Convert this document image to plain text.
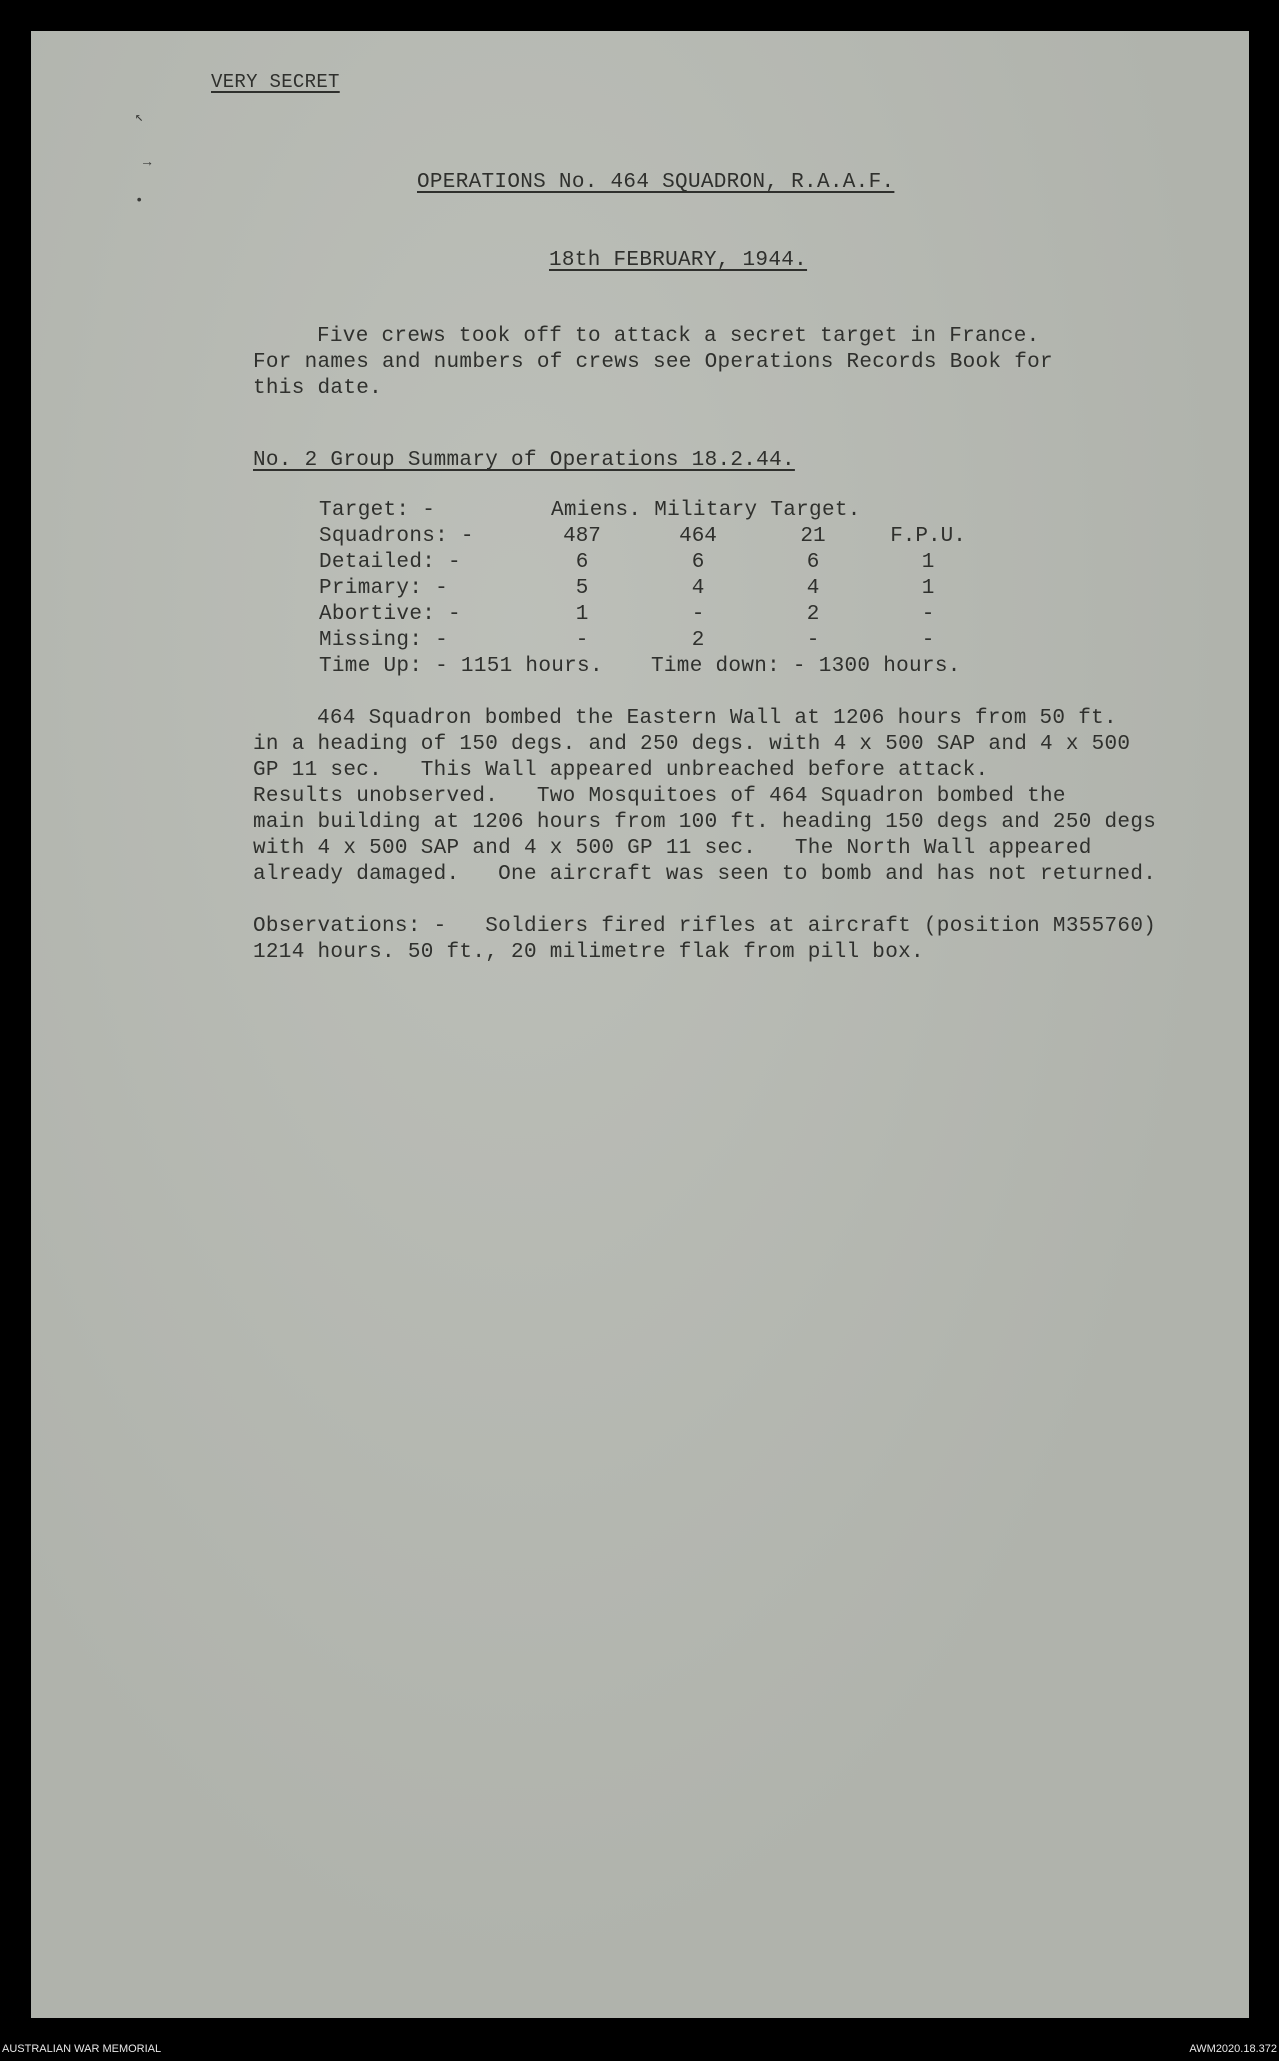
↖
→
•
VERY SECRET
OPERATIONS No. 464 SQUADRON, R.A.A.F.
18th FEBRUARY, 1944.
Five crews took off to attack a secret target in France.
For names and numbers of crews see Operations Records Book for
this date.
No. 2 Group Summary of Operations 18.2.44.
Target: -	Amiens. Military Target.
Squadrons: -	487	464	21	F.P.U.
Detailed: -	6	6	6	1
Primary: -	5	4	4	1
Abortive: -	1	-	2	-
Missing: -	-	2	-	-
Time Up: - 1151 hours. Time down: - 1300 hours.
464 Squadron bombed the Eastern Wall at 1206 hours from 50 ft.
in a heading of 150 degs. and 250 degs. with 4 x 500 SAP and 4 x 500
GP 11 sec.   This Wall appeared unbreached before attack.
Results unobserved.   Two Mosquitoes of 464 Squadron bombed the
main building at 1206 hours from 100 ft. heading 150 degs and 250 degs
with 4 x 500 SAP and 4 x 500 GP 11 sec.   The North Wall appeared
already damaged.   One aircraft was seen to bomb and has not returned.
Observations: -   Soldiers fired rifles at aircraft (position M355760)
1214 hours. 50 ft., 20 milimetre flak from pill box.
AUSTRALIAN WAR MEMORIAL	AWM2020.18.372
